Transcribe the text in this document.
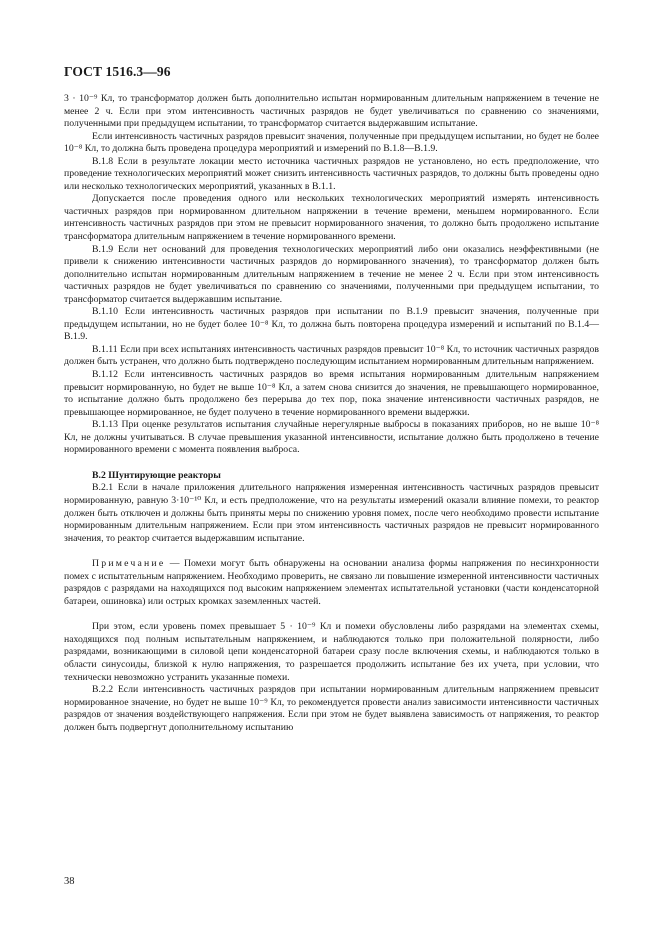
ГОСТ 1516.3—96

3 · 10⁻⁹ Кл, то трансформатор должен быть дополнительно испытан нормированным длительным напряжением в течение не менее 2 ч. Если при этом интенсивность частичных разрядов не будет увеличиваться по сравнению со значениями, полученными при предыдущем испытании, то трансформатор считается выдержавшим испытание.

Если интенсивность частичных разрядов превысит значения, полученные при предыдущем испытании, но будет не более 10⁻⁸ Кл, то должна быть проведена процедура мероприятий и измерений по В.1.8—В.1.9.

В.1.8 Если в результате локации место источника частичных разрядов не установлено, но есть предположение, что проведение технологических мероприятий может снизить интенсивность частичных разрядов, то должны быть проведены одно или несколько технологических мероприятий, указанных в В.1.1.

Допускается после проведения одного или нескольких технологических мероприятий измерять интенсивность частичных разрядов при нормированном длительном напряжении в течение времени, меньшем нормированного. Если интенсивность частичных разрядов при этом не превысит нормированного значения, то должно быть продолжено испытание трансформатора длительным напряжением в течение нормированного времени.

В.1.9 Если нет оснований для проведения технологических мероприятий либо они оказались неэффективными (не привели к снижению интенсивности частичных разрядов до нормированного значения), то трансформатор должен быть дополнительно испытан нормированным длительным напряжением в течение не менее 2 ч. Если при этом интенсивность частичных разрядов не будет увеличиваться по сравнению со значениями, полученными при предыдущем испытании, то трансформатор считается выдержавшим испытание.

В.1.10 Если интенсивность частичных разрядов при испытании по В.1.9 превысит значения, полученные при предыдущем испытании, но не будет более 10⁻⁸ Кл, то должна быть повторена процедура измерений и испытаний по В.1.4—В.1.9.

В.1.11 Если при всех испытаниях интенсивность частичных разрядов превысит 10⁻⁸ Кл, то источник частичных разрядов должен быть устранен, что должно быть подтверждено последующим испытанием нормированным длительным напряжением.

В.1.12 Если интенсивность частичных разрядов во время испытания нормированным длительным напряжением превысит нормированную, но будет не выше 10⁻⁸ Кл, а затем снова снизится до значения, не превышающего нормированное, то испытание должно быть продолжено без перерыва до тех пор, пока значение интенсивности частичных разрядов, не превышающее нормированное, не будет получено в течение нормированного времени выдержки.

В.1.13 При оценке результатов испытания случайные нерегулярные выбросы в показаниях приборов, но не выше 10⁻⁸ Кл, не должны учитываться. В случае превышения указанной интенсивности, испытание должно быть продолжено в течение нормированного времени с момента появления выброса.

В.2 Шунтирующие реакторы

В.2.1 Если в начале приложения длительного напряжения измеренная интенсивность частичных разрядов превысит нормированную, равную 3·10⁻¹⁰ Кл, и есть предположение, что на результаты измерений оказали влияние помехи, то реактор должен быть отключен и должны быть приняты меры по снижению уровня помех, после чего необходимо провести испытание нормированным длительным напряжением. Если при этом интенсивность частичных разрядов не превысит нормированного значения, то реактор считается выдержавшим испытание.

Примечание — Помехи могут быть обнаружены на основании анализа формы напряжения по несинхронности помех с испытательным напряжением. Необходимо проверить, не связано ли повышение измеренной интенсивности частичных разрядов с разрядами на находящихся под высоким напряжением элементах испытательной установки (части конденсаторной батареи, ошиновка) или острых кромках заземленных частей.

При этом, если уровень помех превышает 5 · 10⁻⁹ Кл и помехи обусловлены либо разрядами на элементах схемы, находящихся под полным испытательным напряжением, и наблюдаются только при положительной полярности, либо разрядами, возникающими в силовой цепи конденсаторной батареи сразу после включения схемы, и наблюдаются только в области синусоиды, близкой к нулю напряжения, то разрешается продолжить испытание без их учета, при условии, что технически невозможно устранить указанные помехи.

В.2.2 Если интенсивность частичных разрядов при испытании нормированным длительным напряжением превысит нормированное значение, но будет не выше 10⁻⁹ Кл, то рекомендуется провести анализ зависимости интенсивности частичных разрядов от значения воздействующего напряжения. Если при этом не будет выявлена зависимость от напряжения, то реактор должен быть подвергнут дополнительному испытанию

38
